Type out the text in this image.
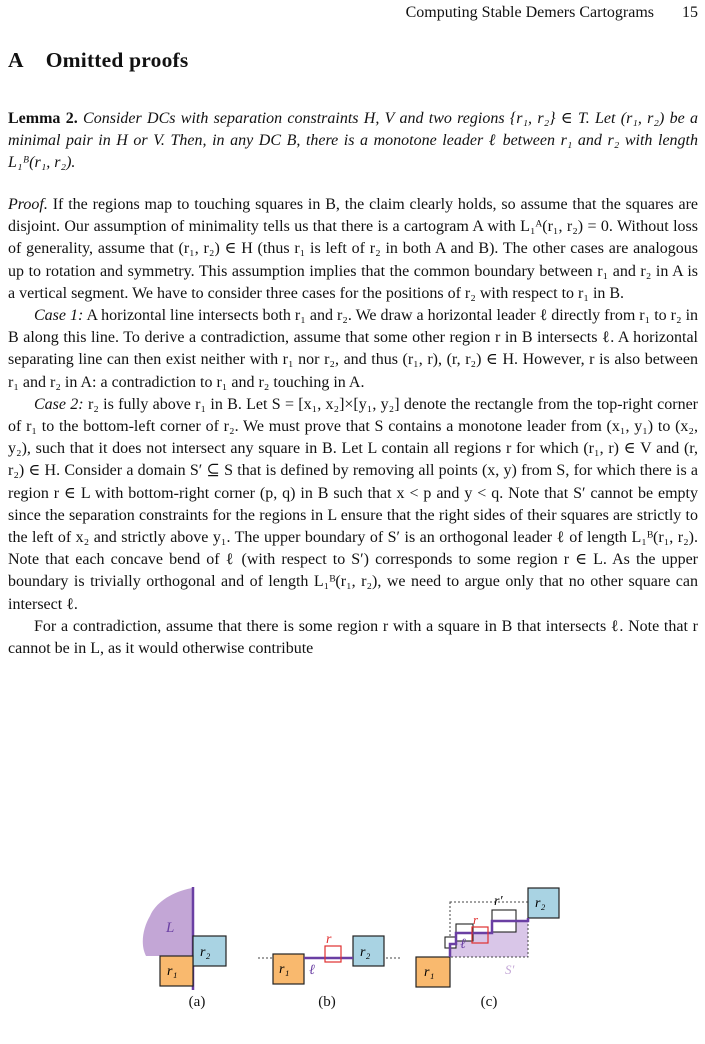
Computing Stable Demers Cartograms 15
A Omitted proofs

Lemma 2. Consider DCs with separation constraints H, V and two regions {r₁, r₂} ∈ T. Let (r₁, r₂) be a minimal pair in H or V. Then, in any DC B, there is a monotone leader ℓ between r₁ and r₂ with length L₁ᴮ(r₁, r₂).

Proof. If the regions map to touching squares in B, the claim clearly holds, so assume that the squares are disjoint. Our assumption of minimality tells us that there is a cartogram A with L₁ᴬ(r₁, r₂) = 0. Without loss of generality, assume that (r₁, r₂) ∈ H (thus r₁ is left of r₂ in both A and B). The other cases are analogous up to rotation and symmetry. This assumption implies that the common boundary between r₁ and r₂ in A is a vertical segment. We have to consider three cases for the positions of r₂ with respect to r₁ in B.

Case 1: A horizontal line intersects both r₁ and r₂. We draw a horizontal leader ℓ directly from r₁ to r₂ in B along this line. To derive a contradiction, assume that some other region r in B intersects ℓ. A horizontal separating line can then exist neither with r₁ nor r₂, and thus (r₁, r), (r, r₂) ∈ H. However, r is also between r₁ and r₂ in A: a contradiction to r₁ and r₂ touching in A.

Case 2: r₂ is fully above r₁ in B. Let S = [x₁, x₂]×[y₁, y₂] denote the rectangle from the top-right corner of r₁ to the bottom-left corner of r₂. We must prove that S contains a monotone leader from (x₁, y₁) to (x₂, y₂), such that it does not intersect any square in B. Let L contain all regions r for which (r₁, r) ∈ V and (r, r₂) ∈ H. Consider a domain S′ ⊆ S that is defined by removing all points (x, y) from S, for which there is a region r ∈ L with bottom-right corner (p, q) in B such that x < p and y < q. Note that S′ cannot be empty since the separation constraints for the regions in L ensure that the right sides of their squares are strictly to the left of x₂ and strictly above y₁. The upper boundary of S′ is an orthogonal leader ℓ of length L₁ᴮ(r₁, r₂). Note that each concave bend of ℓ (with respect to S′) corresponds to some region r ∈ L. As the upper boundary is trivially orthogonal and of length L₁ᴮ(r₁, r₂), we need to argue only that no other square can intersect ℓ.

For a contradiction, assume that there is some region r with a square in B that intersects ℓ. Note that r cannot be in L, as it would otherwise contribute

L
r₂
r₁
r
r₂
r₁ ℓ
r′
r
r₂
ℓ
S′
r₁
(a)	(b)	(c)
